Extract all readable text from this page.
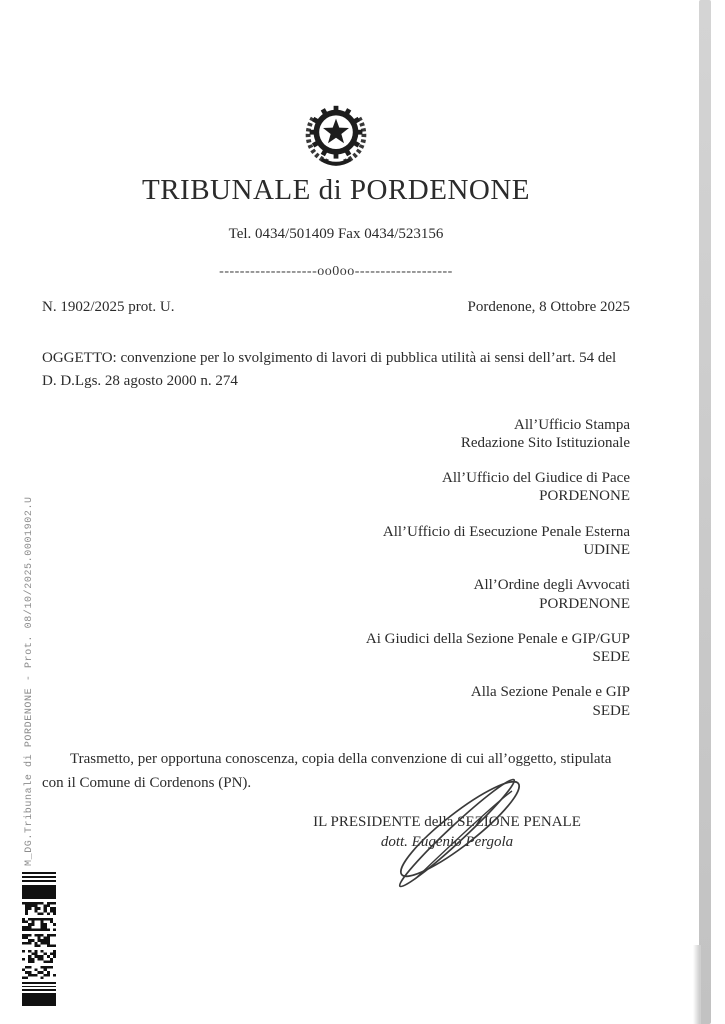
TRIBUNALE di PORDENONE
Tel. 0434/501409 Fax 0434/523156
-------------------oo0oo-------------------
N. 1902/2025 prot. U.	Pordenone, 8 Ottobre 2025
OGGETTO: convenzione per lo svolgimento di lavori di pubblica utilità ai sensi dell’art. 54 del D. D.Lgs. 28 agosto 2000 n. 274
All’Ufficio Stampa
Redazione Sito Istituzionale
All’Ufficio del Giudice di Pace
PORDENONE
All’Ufficio di Esecuzione Penale Esterna
UDINE
All’Ordine degli Avvocati
PORDENONE
Ai Giudici della Sezione Penale e GIP/GUP
SEDE
Alla Sezione Penale e GIP
SEDE

Trasmetto, per opportuna conoscenza, copia della convenzione di cui all’oggetto, stipulata con il Comune di Cordenons (PN).

IL PRESIDENTE della SEZIONE PENALE
dott. Eugenio Pergola
M_DG.Tribunale di PORDENONE - Prot. 08/10/2025.0001902.U
